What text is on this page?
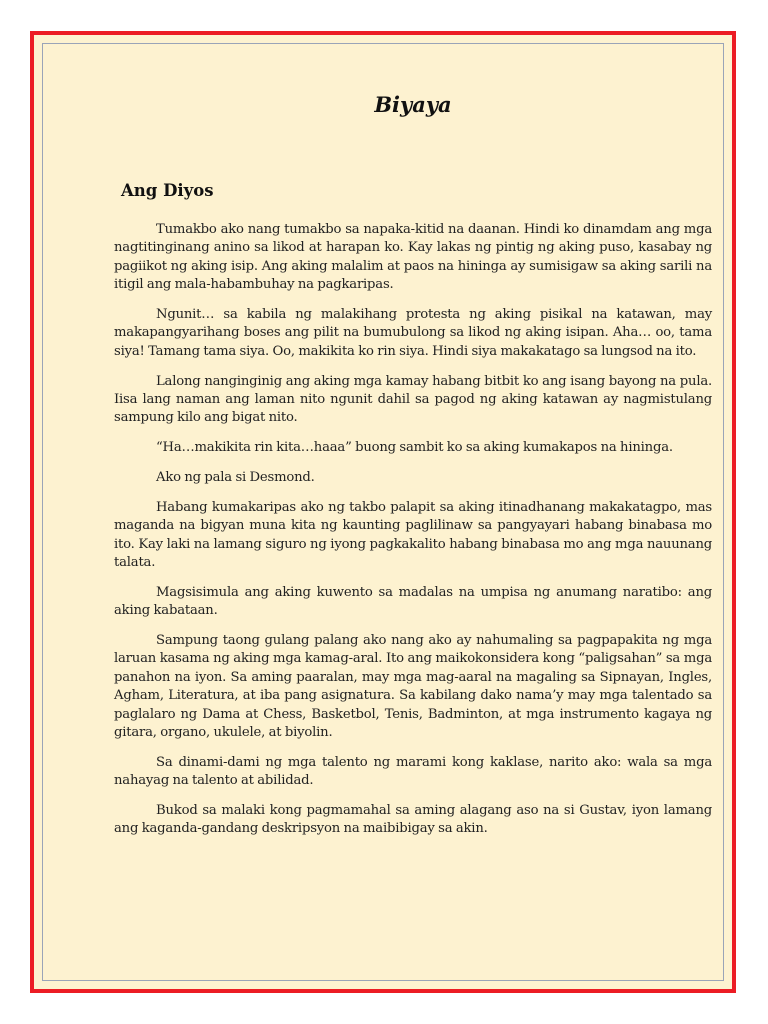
Biyaya
Ang Diyos

Tumakbo ako nang tumakbo sa napaka-kitid na daanan. Hindi ko dinamdam ang mga nagtitinginang anino sa likod at harapan ko. Kay lakas ng pintig ng aking puso, kasabay ng pagiikot ng aking isip. Ang aking malalim at paos na hininga ay sumisigaw sa aking sarili na itigil ang mala-habambuhay na pagkaripas.

Ngunit… sa kabila ng malakihang protesta ng aking pisikal na katawan, may makapangyarihang boses ang pilit na bumubulong sa likod ng aking isipan. Aha… oo, tama siya! Tamang tama siya. Oo, makikita ko rin siya. Hindi siya makakatago sa lungsod na ito.

Lalong nanginginig ang aking mga kamay habang bitbit ko ang isang bayong na pula. Iisa lang naman ang laman nito ngunit dahil sa pagod ng aking katawan ay nagmistulang sampung kilo ang bigat nito.

“Ha…makikita rin kita…haaa” buong sambit ko sa aking kumakapos na hininga.

Ako ng pala si Desmond.

Habang kumakaripas ako ng takbo palapit sa aking itinadhanang makakatagpo, mas maganda na bigyan muna kita ng kaunting paglilinaw sa pangyayari habang binabasa mo ito. Kay laki na lamang siguro ng iyong pagkakalito habang binabasa mo ang mga nauunang talata.

Magsisimula ang aking kuwento sa madalas na umpisa ng anumang naratibo: ang aking kabataan.

Sampung taong gulang palang ako nang ako ay nahumaling sa pagpapakita ng mga laruan kasama ng aking mga kamag-aral. Ito ang maikokonsidera kong “paligsahan” sa mga panahon na iyon. Sa aming paaralan, may mga mag-aaral na magaling sa Sipnayan, Ingles, Agham, Literatura, at iba pang asignatura. Sa kabilang dako nama’y may mga talentado sa paglalaro ng Dama at Chess, Basketbol, Tenis, Badminton, at mga instrumento kagaya ng gitara, organo, ukulele, at biyolin.

Sa dinami-dami ng mga talento ng marami kong kaklase, narito ako: wala sa mga nahayag na talento at abilidad.

Bukod sa malaki kong pagmamahal sa aming alagang aso na si Gustav, iyon lamang ang kaganda-gandang deskripsyon na maibibigay sa akin.
